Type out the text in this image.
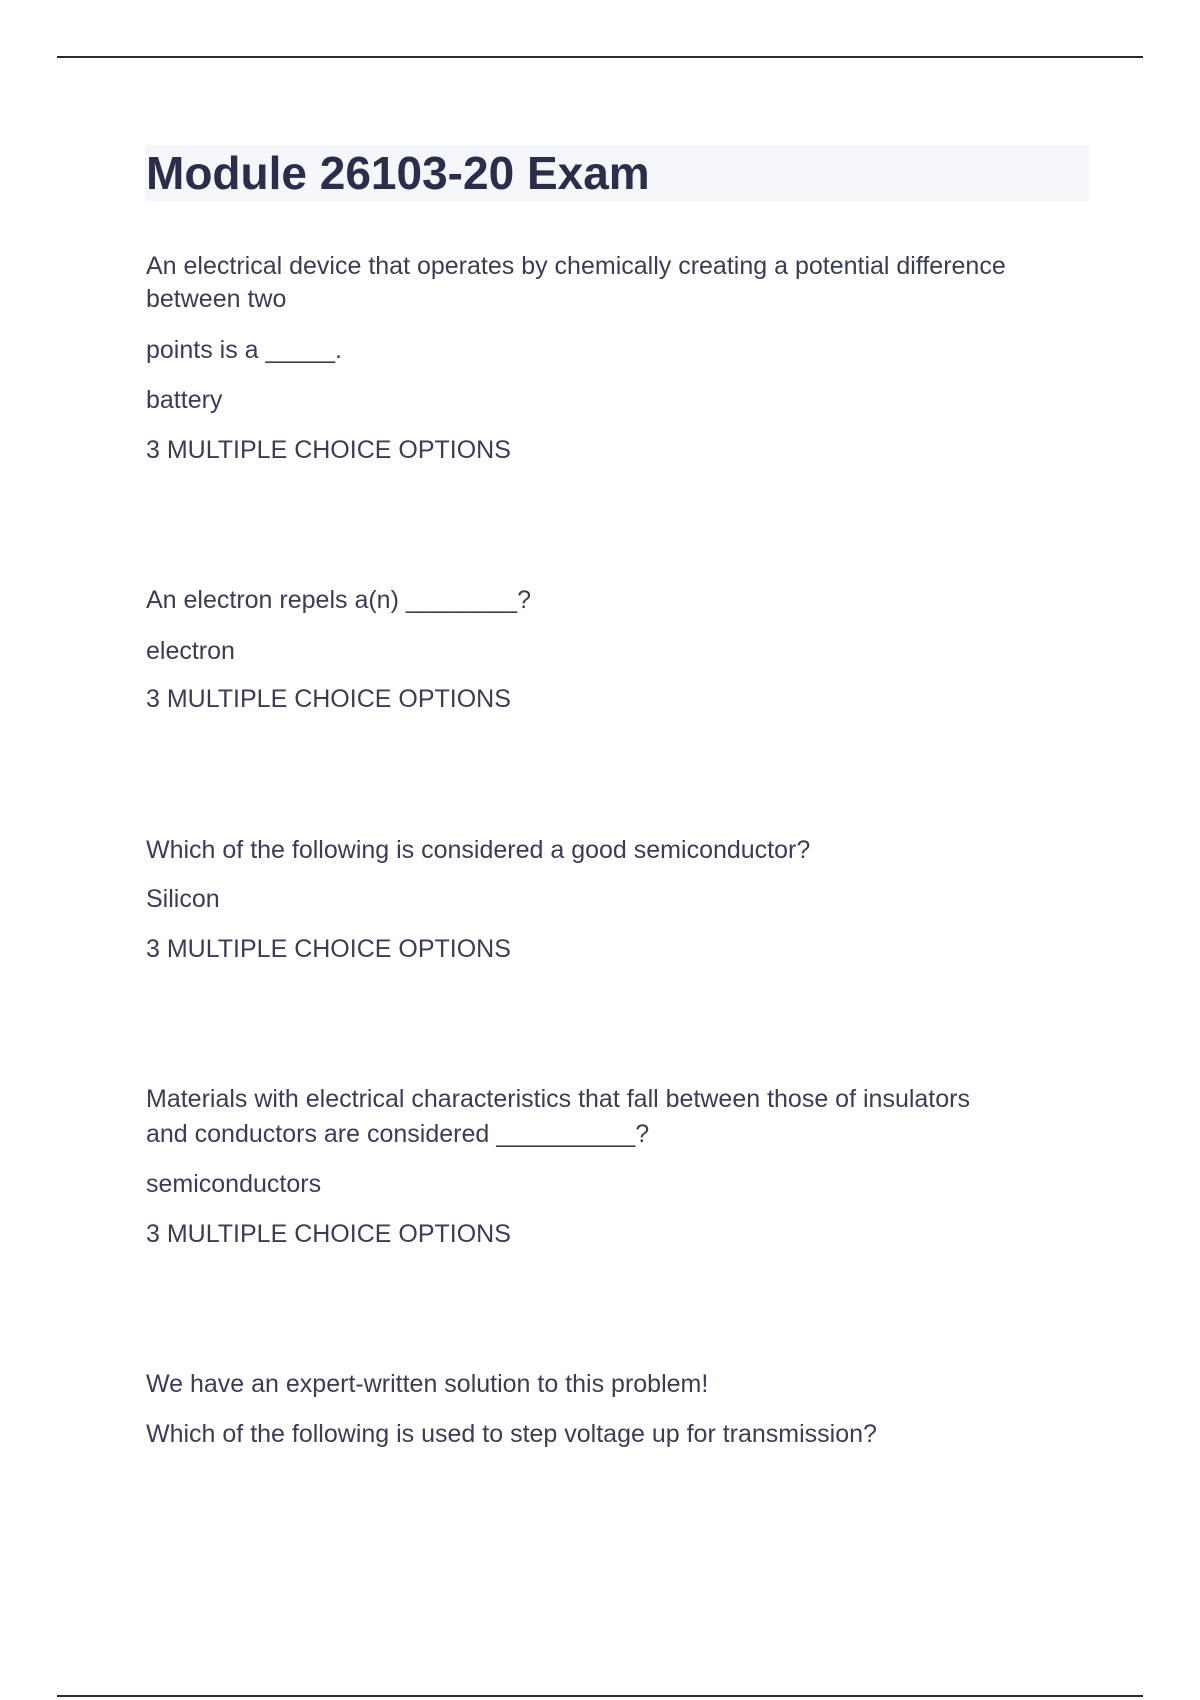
Module 26103-20 Exam

An electrical device that operates by chemically creating a potential difference

between two

points is a _____.

battery

3 MULTIPLE CHOICE OPTIONS

An electron repels a(n) ________?

electron

3 MULTIPLE CHOICE OPTIONS

Which of the following is considered a good semiconductor?

Silicon

3 MULTIPLE CHOICE OPTIONS

Materials with electrical characteristics that fall between those of insulators

and conductors are considered __________?

semiconductors

3 MULTIPLE CHOICE OPTIONS

We have an expert-written solution to this problem!

Which of the following is used to step voltage up for transmission?
